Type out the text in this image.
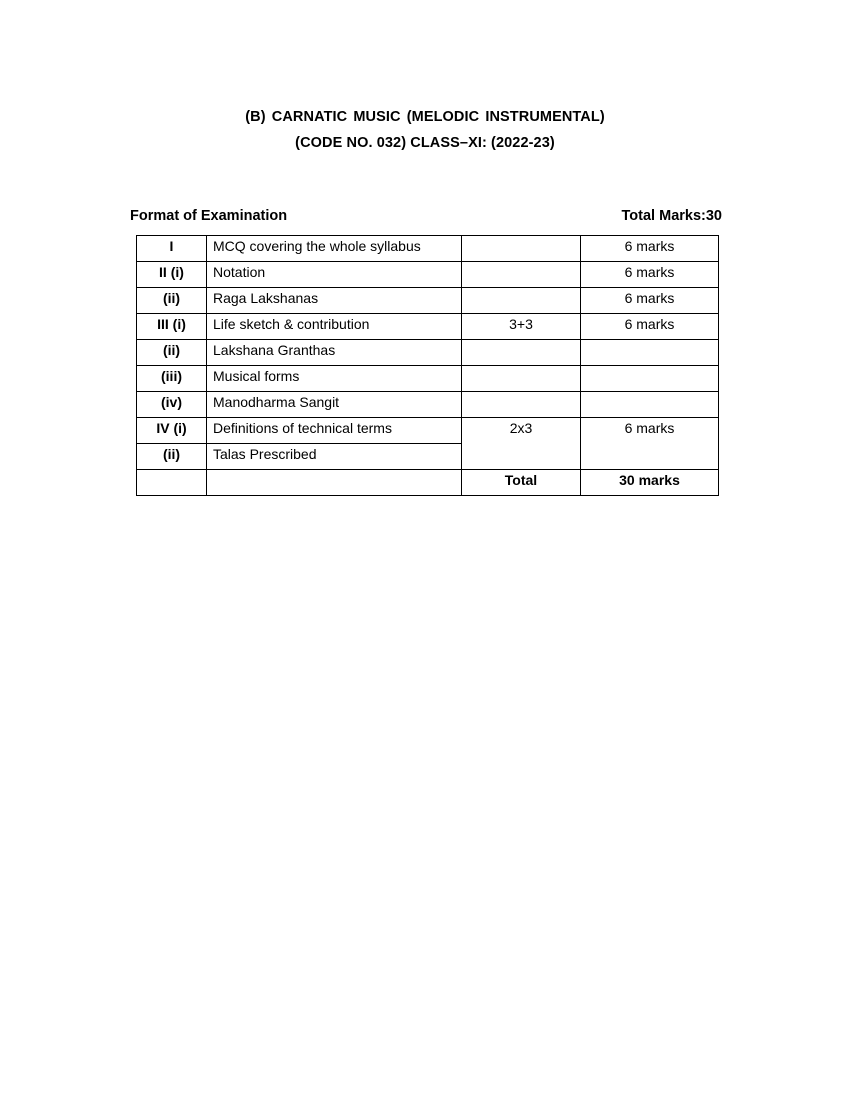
(B) CARNATIC MUSIC (MELODIC INSTRUMENTAL)
(CODE NO. 032) CLASS–XI: (2022-23)
Format of Examination	Total Marks:30
I	MCQ covering the whole syllabus		6 marks
II (i)	Notation		6 marks
(ii)	Raga Lakshanas		6 marks
III (i)	Life sketch & contribution	3+3	6 marks
(ii)	Lakshana Granthas		
(iii)	Musical forms		
(iv)	Manodharma Sangit		
IV (i)	Definitions of technical terms	2x3	6 marks
(ii)	Talas Prescribed		
		Total	30 marks
